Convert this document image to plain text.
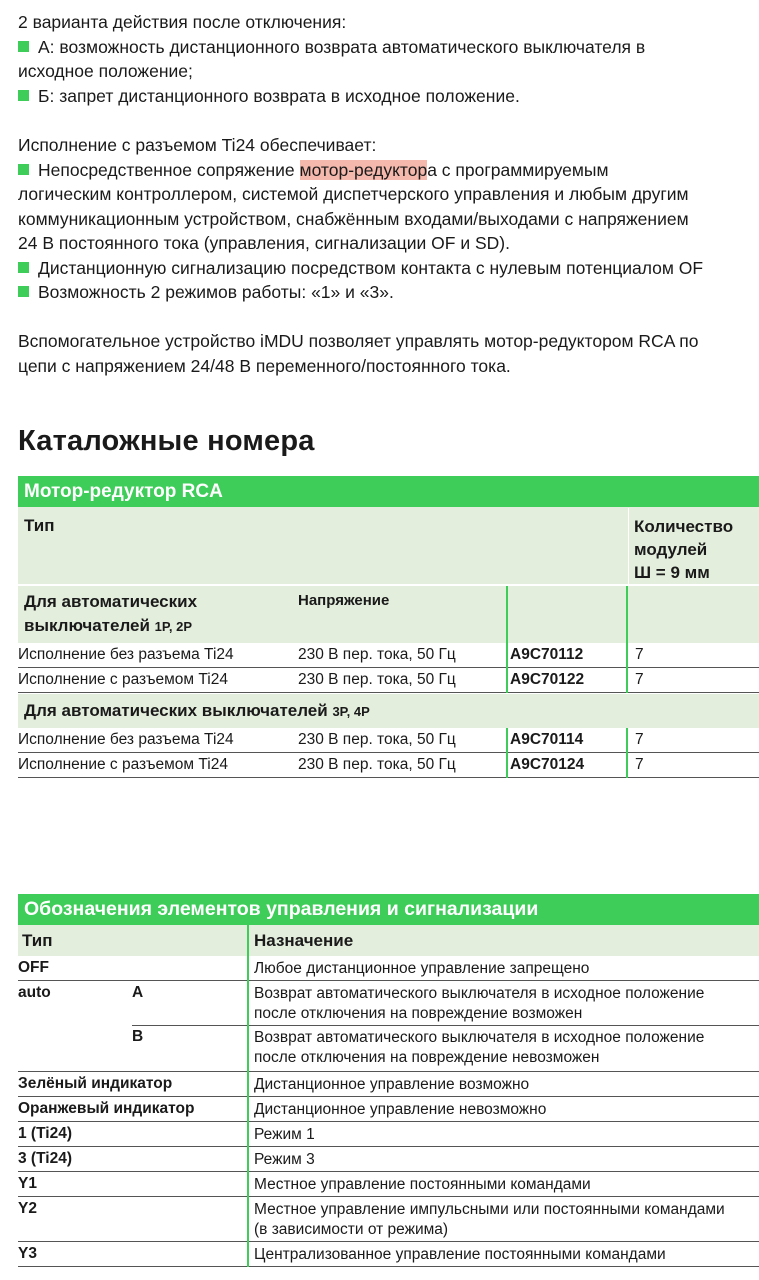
2 варианта действия после отключения:
А: возможность дистанционного возврата автоматического выключателя в
исходное положение;
Б: запрет дистанционного возврата в исходное положение.
Исполнение с разъемом Ti24 обеспечивает:
Непосредственное сопряжение мотор-редуктора с программируемым
логическим контроллером, системой диспетчерского управления и любым другим
коммуникационным устройством, снабжённым входами/выходами с напряжением
24 В постоянного тока (управления, сигнализации OF и SD).
Дистанционную сигнализацию посредством контакта с нулевым потенциалом OF
Возможность 2 режимов работы: «1» и «3».
Вспомогательное устройство iMDU позволяет управлять мотор-редуктором RCA по
цепи с напряжением 24/48 В переменного/постоянного тока.
Каталожные номера
Мотор-редуктор RCA
Тип	Количество
модулей
Ш = 9 мм
Для автоматических
выключателей 1P, 2P
Напряжение
Исполнение без разъема Ti24	230 В пер. тока, 50 Гц	A9C70112	7
Исполнение с разъемом Ti24	230 В пер. тока, 50 Гц	A9C70122	7
Для автоматических выключателей 3P, 4P
Исполнение без разъема Ti24	230 В пер. тока, 50 Гц	A9C70114	7
Исполнение с разъемом Ti24	230 В пер. тока, 50 Гц	A9C70124	7
Обозначения элементов управления и сигнализации
Тип	Назначение
OFF	Любое дистанционное управление запрещено
auto	A	Возврат автоматического выключателя в исходное положение
после отключения на повреждение возможен
B	Возврат автоматического выключателя в исходное положение
после отключения на повреждение невозможен
Зелёный индикатор	Дистанционное управление возможно
Оранжевый индикатор	Дистанционное управление невозможно
1 (Ti24)	Режим 1
3 (Ti24)	Режим 3
Y1	Местное управление постоянными командами
Y2	Местное управление импульсными или постоянными командами
(в зависимости от режима)
Y3	Централизованное управление постоянными командами
